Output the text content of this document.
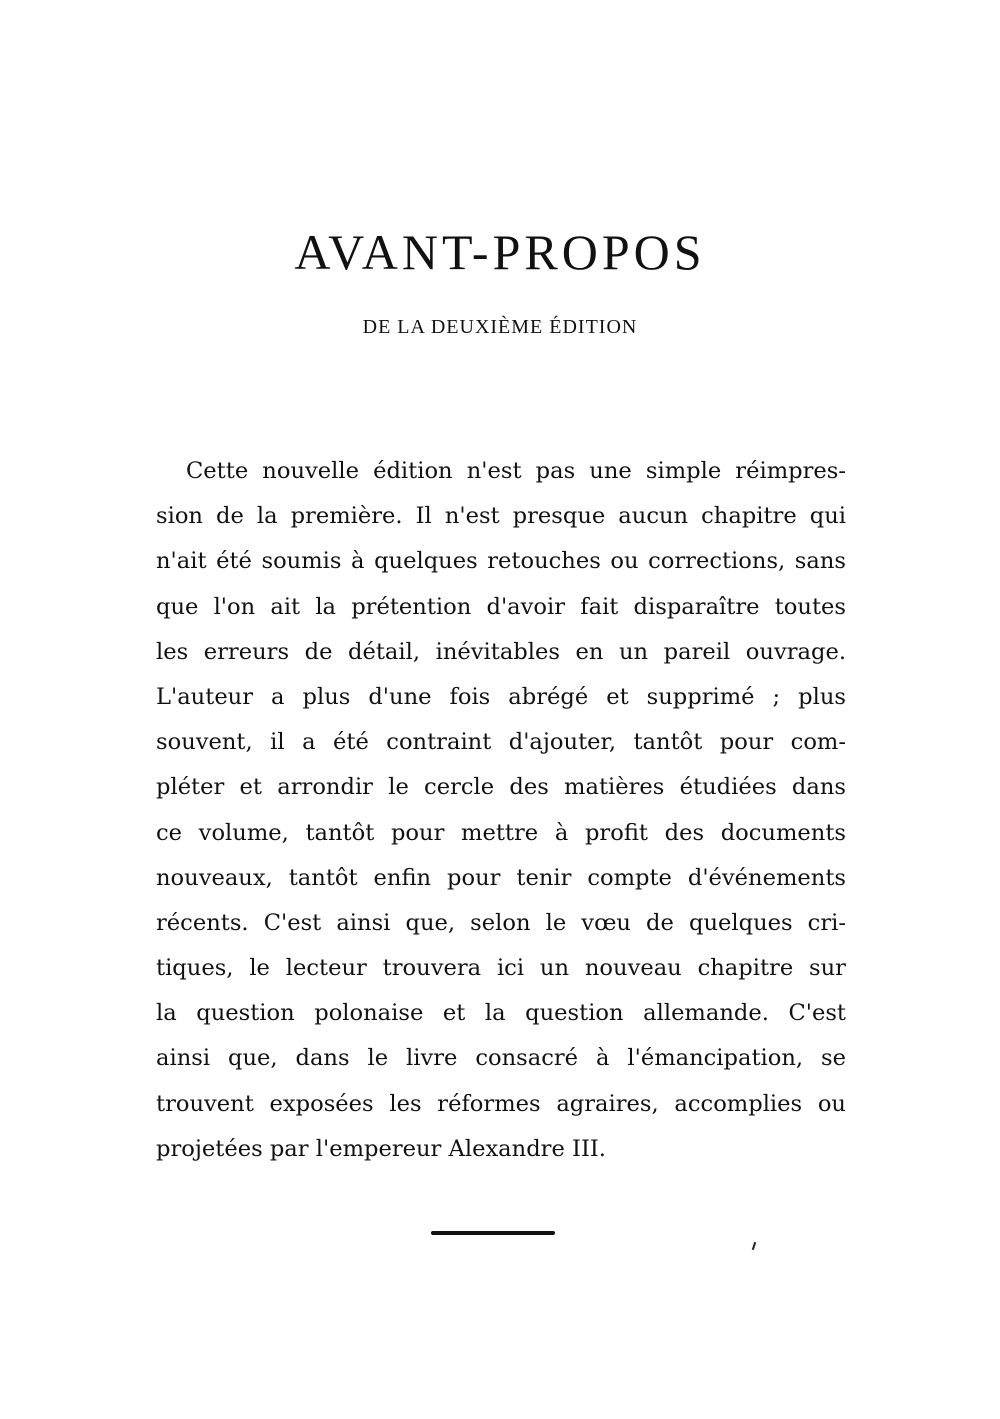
AVANT-PROPOS
DE LA DEUXIÈME ÉDITION
Cette nouvelle édition n'est pas une simple réimpres-
sion de la première. Il n'est presque aucun chapitre qui
n'ait été soumis à quelques retouches ou corrections, sans
que l'on ait la prétention d'avoir fait disparaître toutes
les erreurs de détail, inévitables en un pareil ouvrage.
L'auteur a plus d'une fois abrégé et supprimé ; plus
souvent, il a été contraint d'ajouter, tantôt pour com-
pléter et arrondir le cercle des matières étudiées dans
ce volume, tantôt pour mettre à profit des documents
nouveaux, tantôt enfin pour tenir compte d'événements
récents. C'est ainsi que, selon le vœu de quelques cri-
tiques, le lecteur trouvera ici un nouveau chapitre sur
la question polonaise et la question allemande. C'est
ainsi que, dans le livre consacré à l'émancipation, se
trouvent exposées les réformes agraires, accomplies ou
projetées par l'empereur Alexandre III.
